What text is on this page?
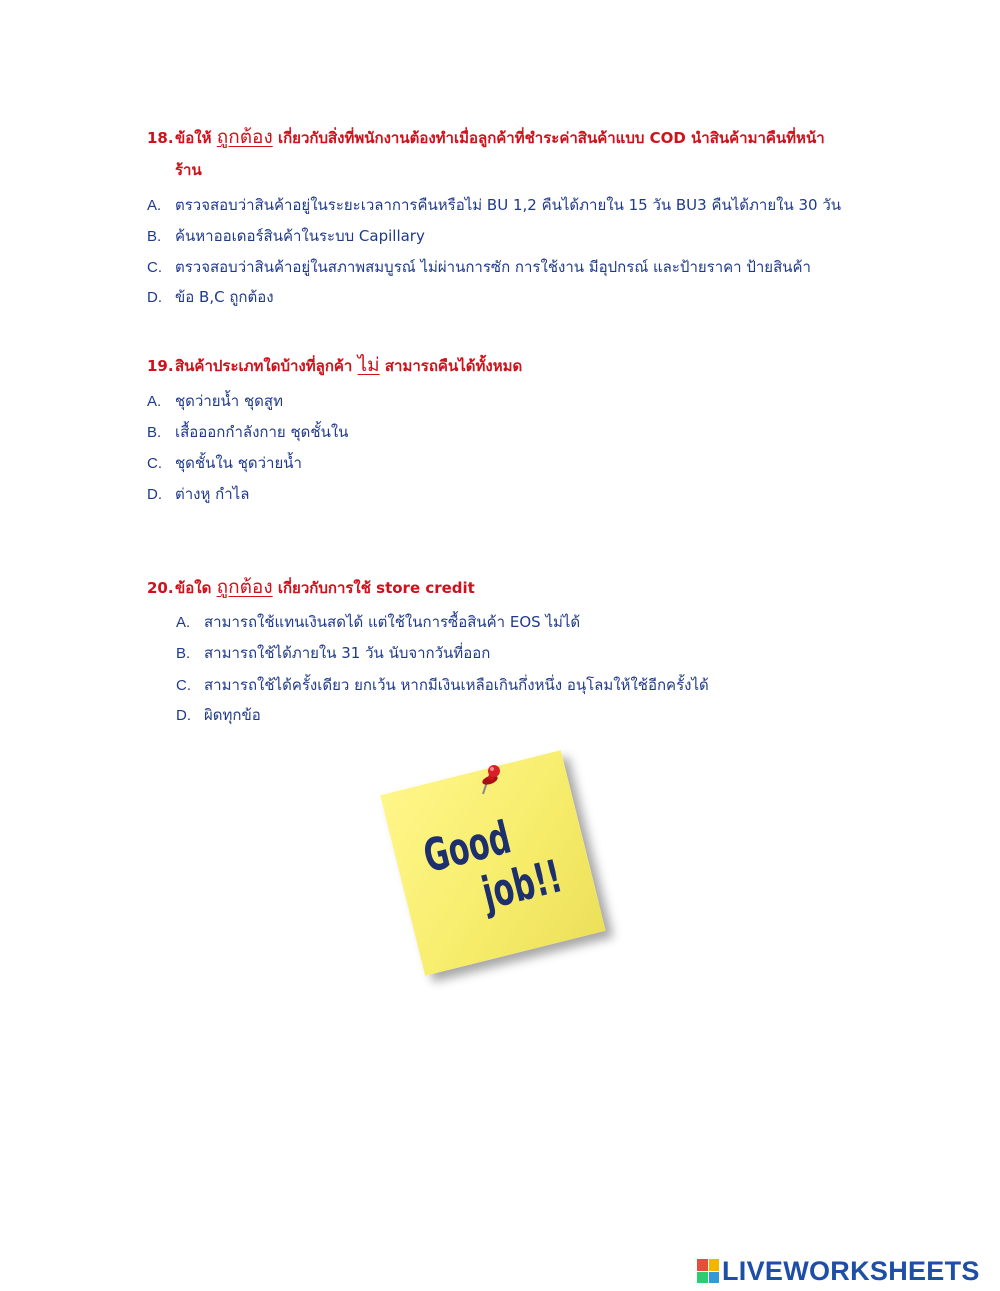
18.ข้อให้ ถูกต้อง เกี่ยวกับสิ่งที่พนักงานต้องทำเมื่อลูกค้าที่ชำระค่าสินค้าแบบ COD นำสินค้ามาคืนที่หน้า
ร้าน
A. ตรวจสอบว่าสินค้าอยู่ในระยะเวลาการคืนหรือไม่ BU 1,2 คืนได้ภายใน 15 วัน BU3 คืนได้ภายใน 30 วัน
B. ค้นหาออเดอร์สินค้าในระบบ Capillary
C. ตรวจสอบว่าสินค้าอยู่ในสภาพสมบูรณ์ ไม่ผ่านการซัก การใช้งาน มีอุปกรณ์ และป้ายราคา ป้ายสินค้า
D. ข้อ B,C ถูกต้อง
19.สินค้าประเภทใดบ้างที่ลูกค้า ไม่ สามารถคืนได้ทั้งหมด
A. ชุดว่ายน้ำ ชุดสูท
B. เสื้อออกกำลังกาย ชุดชั้นใน
C. ชุดชั้นใน ชุดว่ายน้ำ
D. ต่างหู กำไล
20.ข้อใด ถูกต้อง เกี่ยวกับการใช้ store credit
A. สามารถใช้แทนเงินสดได้ แต่ใช้ในการซื้อสินค้า EOS ไม่ได้
B. สามารถใช้ได้ภายใน 31 วัน นับจากวันที่ออก
C. สามารถใช้ได้ครั้งเดียว ยกเว้น หากมีเงินเหลือเกินกึ่งหนึ่ง อนุโลมให้ใช้อีกครั้งได้
D. ผิดทุกข้อ
Good
job!!
LIVEWORKSHEETS
